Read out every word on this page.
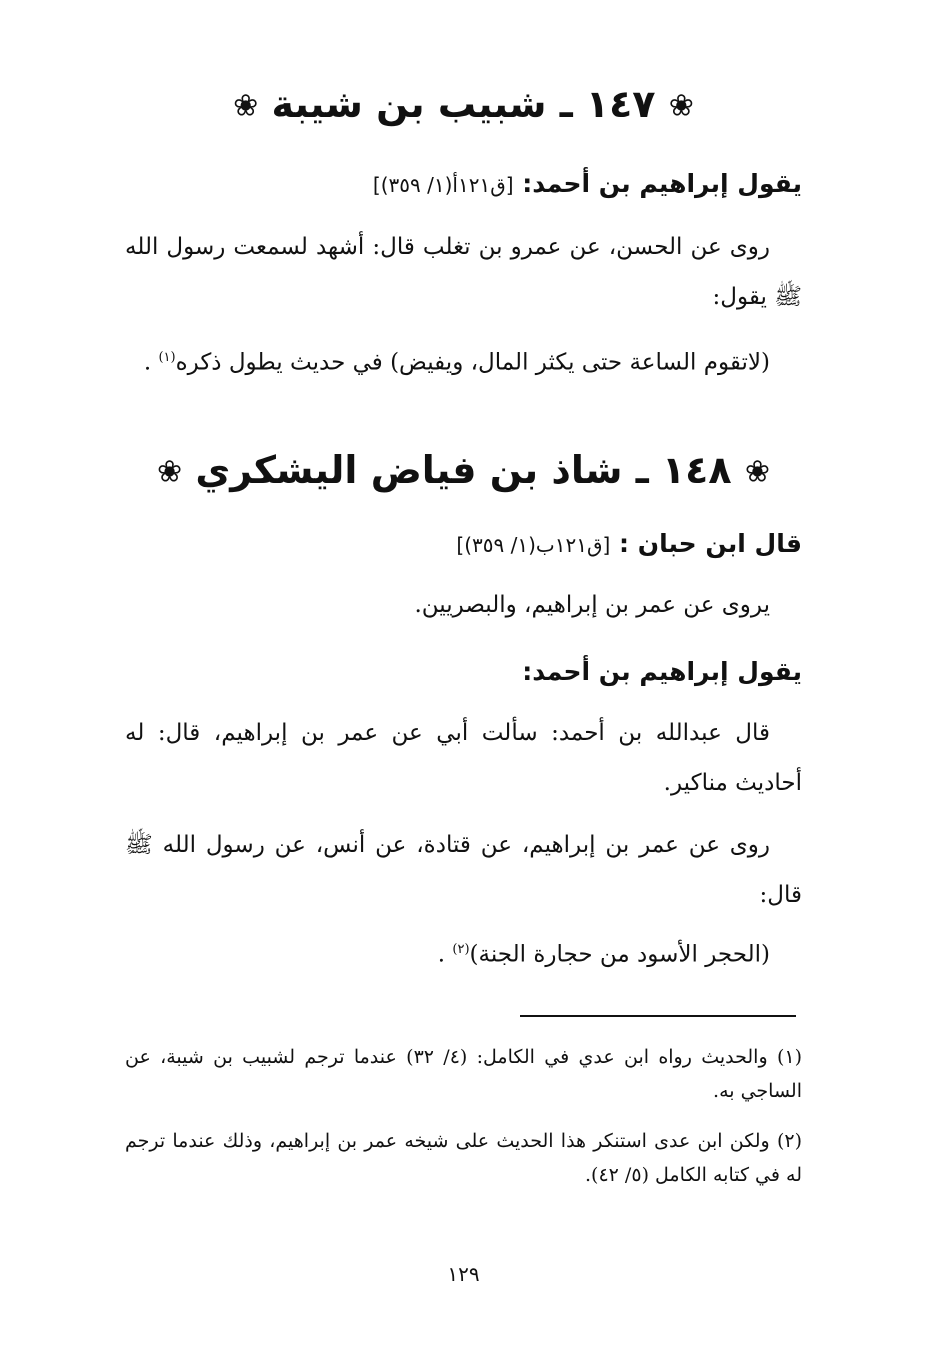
❀ ١٤٧ ـ شبيب بن شيبة ❀
يقول إبراهيم بن أحمد: [ق١٢١أ(١/ ٣٥٩)]
روى عن الحسن، عن عمرو بن تغلب قال: أشهد لسمعت رسول الله ﷺ يقول:
(لاتقوم الساعة حتى يكثر المال، ويفيض) في حديث يطول ذكره$^{(١)}$ .
❀ ١٤٨ ـ شاذ بن فياض اليشكري ❀
قال ابن حبان : [ق١٢١ب(١/ ٣٥٩)]
يروى عن عمر بن إبراهيم، والبصريين.
يقول إبراهيم بن أحمد:
قال عبدالله بن أحمد: سألت أبي عن عمر بن إبراهيم، قال: له أحاديث مناكير.
روى عن عمر بن إبراهيم، عن قتادة، عن أنس، عن رسول الله ﷺ قال:
(الحجر الأسود من حجارة الجنة)$^{(٢)}$ .
(١) والحديث رواه ابن عدي في الكامل: (٤/ ٣٢) عندما ترجم لشبيب بن شيبة، عن الساجي به.
(٢) ولكن ابن عدى استنكر هذا الحديث على شيخه عمر بن إبراهيم، وذلك عندما ترجم له في كتابه الكامل (٥/ ٤٢).
١٢٩
